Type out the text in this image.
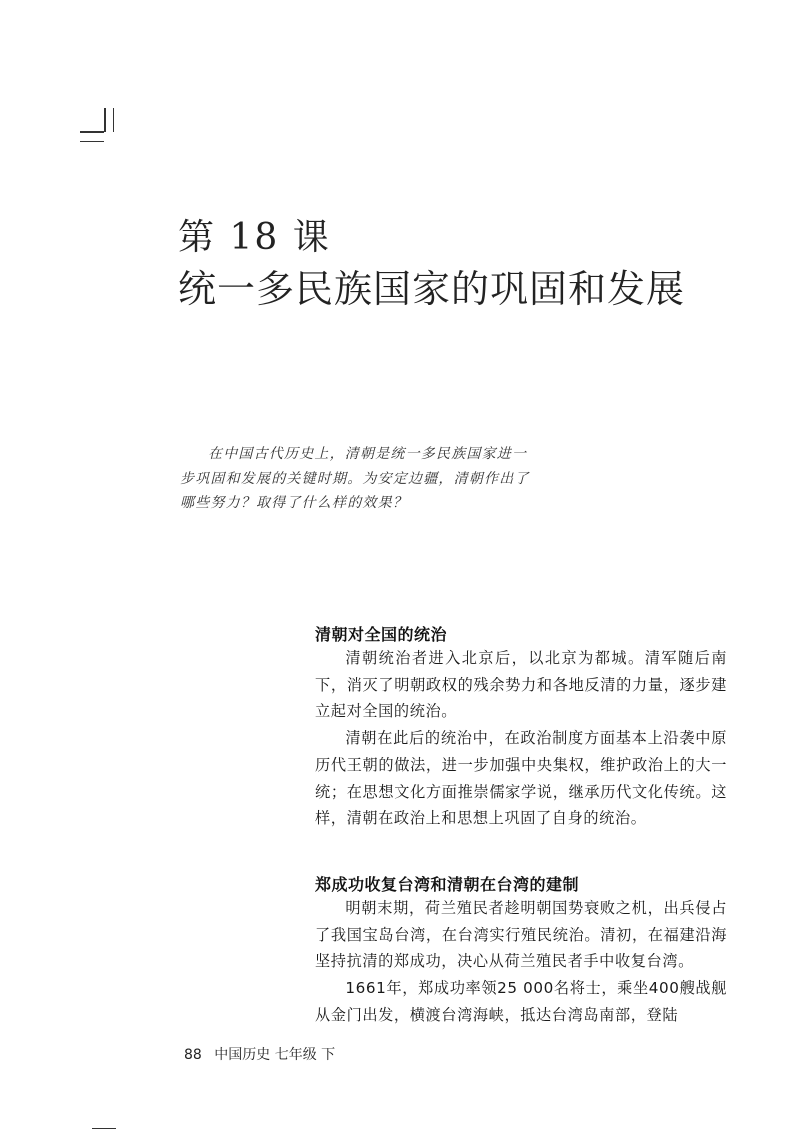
第 18 课
统一多民族国家的巩固和发展
在中国古代历史上，清朝是统一多民族国家进一步巩固和发展的关键时期。为安定边疆，清朝作出了哪些努力？取得了什么样的效果？
清朝对全国的统治

清朝统治者进入北京后，以北京为都城。清军随后南下，消灭了明朝政权的残余势力和各地反清的力量，逐步建立起对全国的统治。

清朝在此后的统治中，在政治制度方面基本上沿袭中原历代王朝的做法，进一步加强中央集权，维护政治上的大一统；在思想文化方面推崇儒家学说，继承历代文化传统。这样，清朝在政治上和思想上巩固了自身的统治。

郑成功收复台湾和清朝在台湾的建制

明朝末期，荷兰殖民者趁明朝国势衰败之机，出兵侵占了我国宝岛台湾，在台湾实行殖民统治。清初，在福建沿海坚持抗清的郑成功，决心从荷兰殖民者手中收复台湾。

1661年，郑成功率领25 000名将士，乘坐400艘战舰从金门出发，横渡台湾海峡，抵达台湾岛南部，登陆

88 中国历史 七年级 下
